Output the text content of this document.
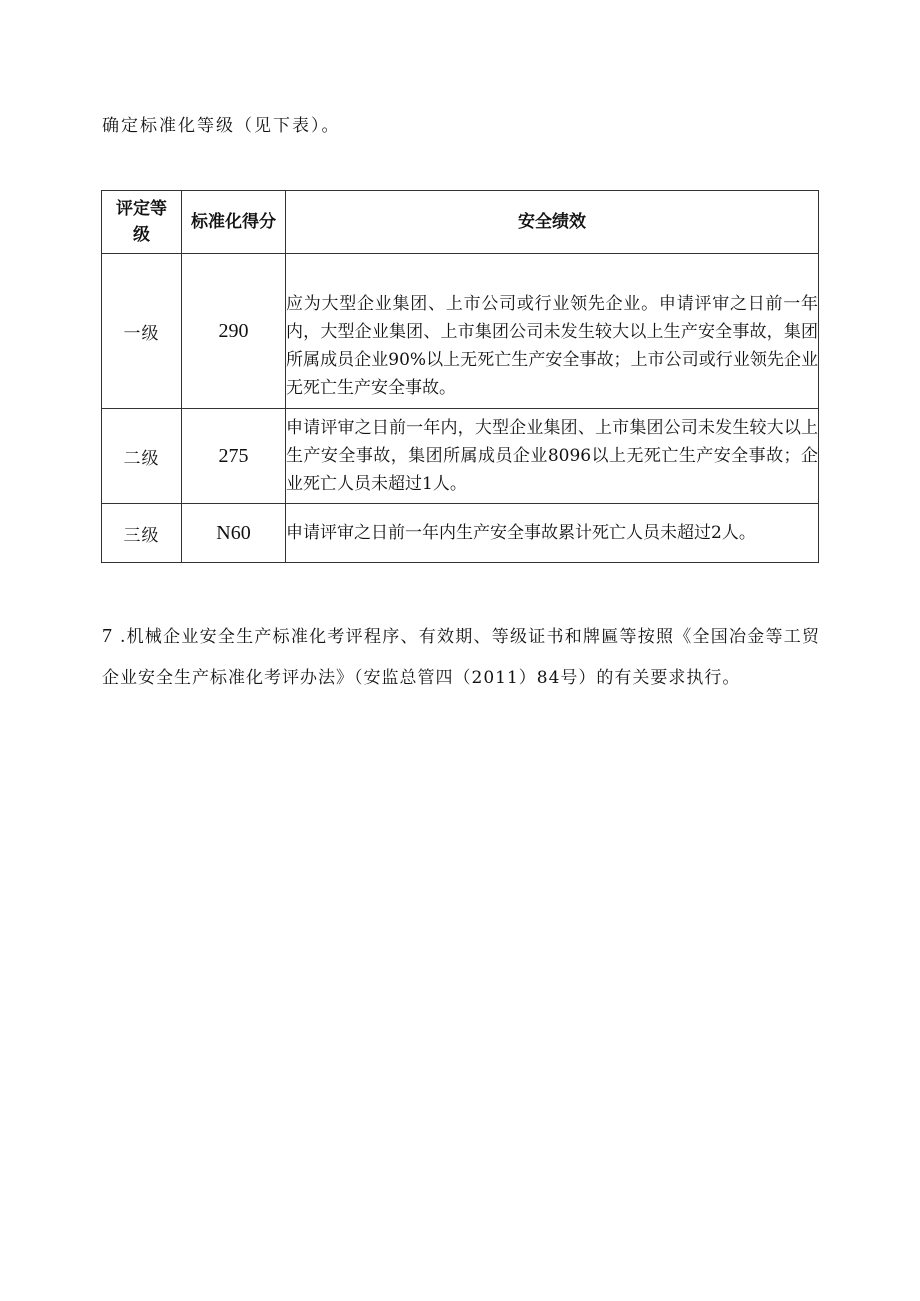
确定标准化等级（见下表）。
评定等级	标准化得分	安全绩效

一级	290	应为大型企业集团、上市公司或行业领先企业。申请评审之日前一年内，大型企业集团、上市集团公司未发生较大以上生产安全事故，集团所属成员企业90%以上无死亡生产安全事故；上市公司或行业领先企业无死亡生产安全事故。

二级	275	申请评审之日前一年内，大型企业集团、上市集团公司未发生较大以上生产安全事故，集团所属成员企业8096以上无死亡生产安全事故；企业死亡人员未超过1人。

三级	N60	申请评审之日前一年内生产安全事故累计死亡人员未超过2人。
7 .机械企业安全生产标准化考评程序、有效期、等级证书和牌匾等按照《全国冶金等工贸企业安全生产标准化考评办法》（安监总管四（2011）84号）的有关要求执行。
